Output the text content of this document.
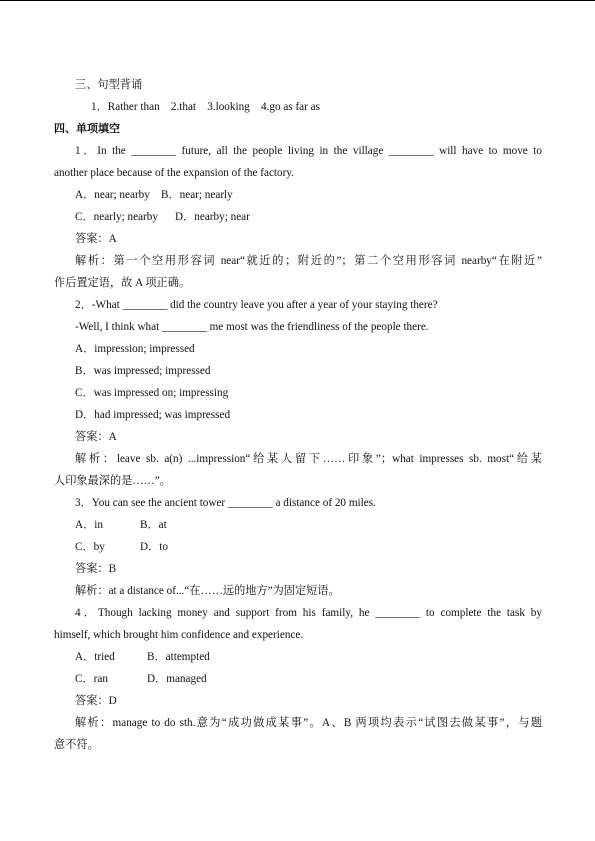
三、句型背诵
1．Rather than　2.that　3.looking　4.go as far as
四、单项填空
1．In the ________ future, all the people living in the village ________ will have to move to
another place because of the expansion of the factory.
A．near; nearby B．near; nearly
C．nearly; nearby D．nearby; near
答案：A
解析：第一个空用形容词 near“就近的；附近的”；第二个空用形容词 nearby“在附近”
作后置定语，故 A 项正确。
2．-What ________ did the country leave you after a year of your staying there?
-Well, I think what ________ me most was the friendliness of the people there.
A．impression; impressed
B．was impressed; impressed
C．was impressed on; impressing
D．had impressed; was impressed
答案：A
解析：leave sb. a(n) ...impression“给某人留下……印象”；what impresses sb. most“给某
人印象最深的是……”。
3．You can see the ancient tower ________ a distance of 20 miles.
A．in	B．at
C．by	D．to
答案：B
解析：at a distance of...“在……远的地方”为固定短语。
4．Though lacking money and support from his family, he ________ to complete the task by
himself, which brought him confidence and experience.
A．tried	B．attempted
C．ran	D．managed
答案：D
解析：manage to do sth.意为“成功做成某事”。A、B 两项均表示“试图去做某事”，与题
意不符。
